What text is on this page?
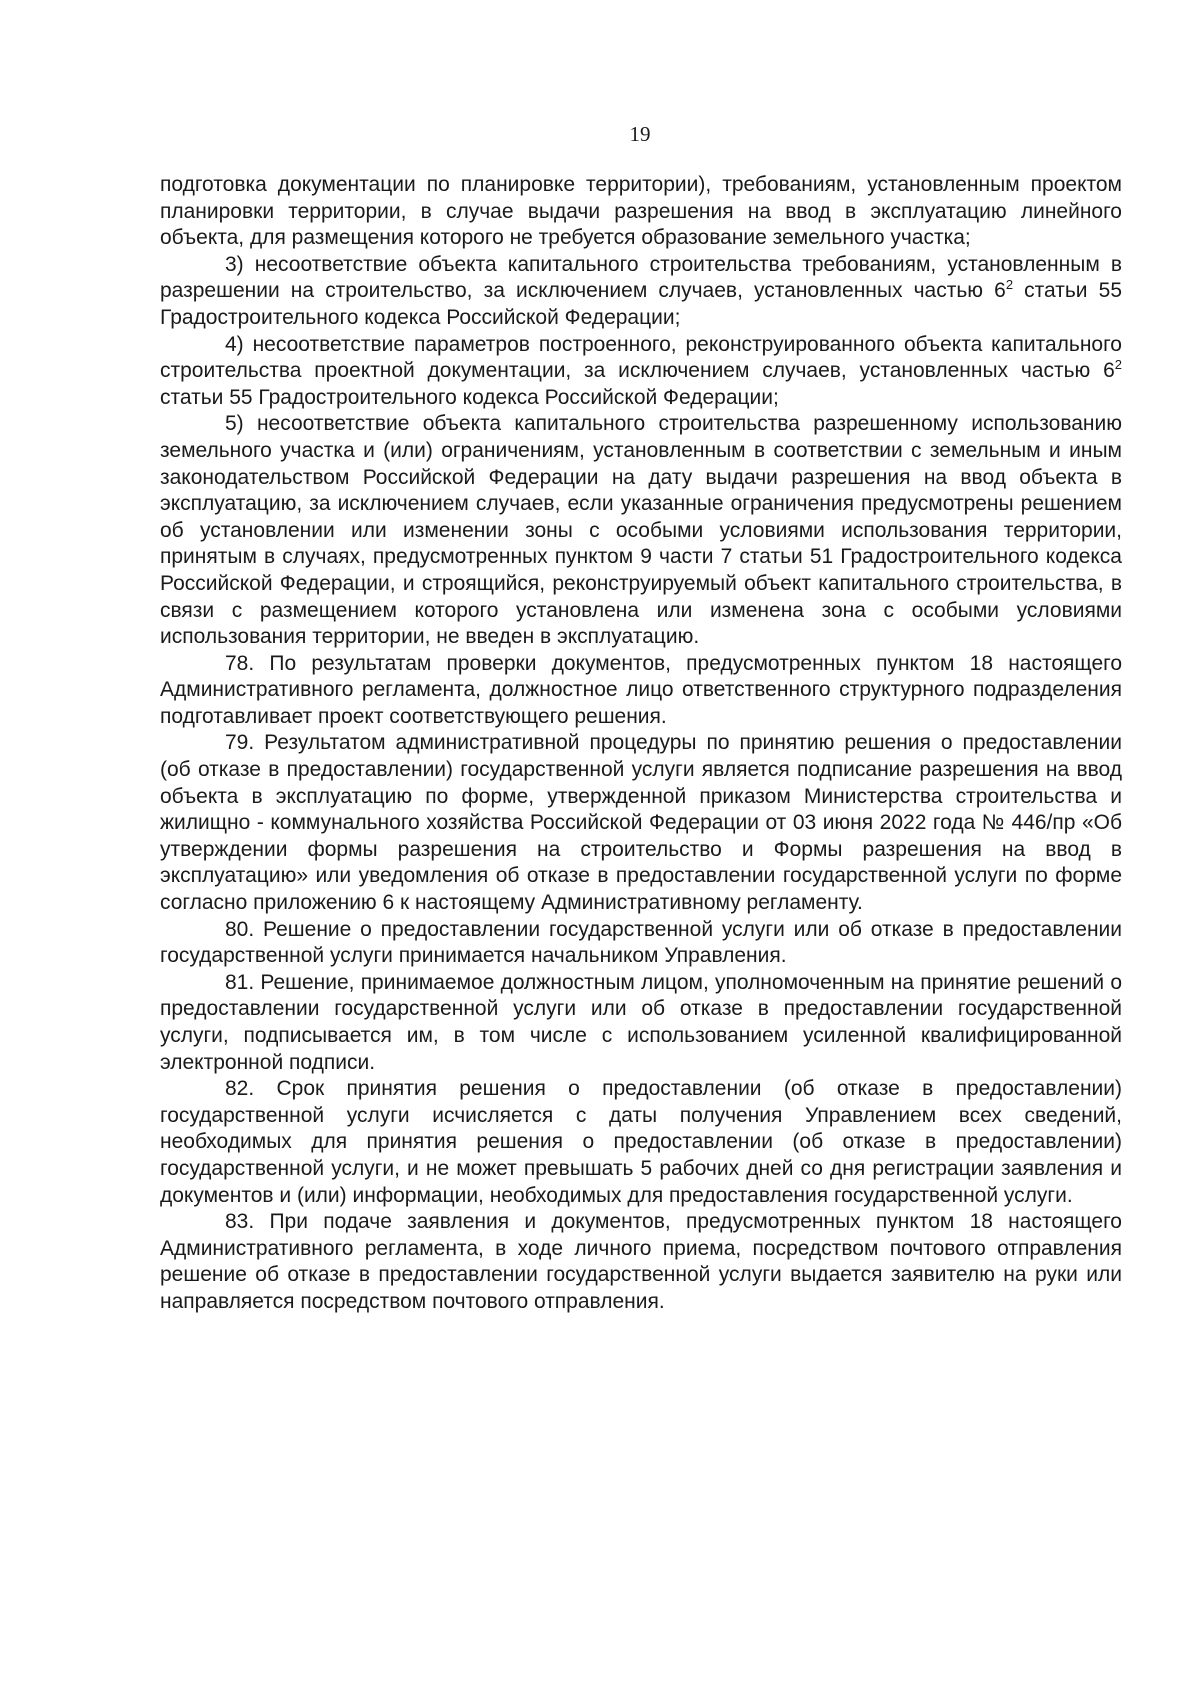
19

подготовка документации по планировке территории), требованиям, установленным проектом планировки территории, в случае выдачи разрешения на ввод в эксплуатацию линейного объекта, для размещения которого не требуется образование земельного участка;

3) несоответствие объекта капитального строительства требованиям, установленным в разрешении на строительство, за исключением случаев, установленных частью $6^2$ статьи 55 Градостроительного кодекса Российской Федерации;

4) несоответствие параметров построенного, реконструированного объекта капитального строительства проектной документации, за исключением случаев, установленных частью $6^2$ статьи 55 Градостроительного кодекса Российской Федерации;

5) несоответствие объекта капитального строительства разрешенному использованию земельного участка и (или) ограничениям, установленным в соответствии с земельным и иным законодательством Российской Федерации на дату выдачи разрешения на ввод объекта в эксплуатацию, за исключением случаев, если указанные ограничения предусмотрены решением об установлении или изменении зоны с особыми условиями использования территории, принятым в случаях, предусмотренных пунктом 9 части 7 статьи 51 Градостроительного кодекса Российской Федерации, и строящийся, реконструируемый объект капитального строительства, в связи с размещением которого установлена или изменена зона с особыми условиями использования территории, не введен в эксплуатацию.

78. По результатам проверки документов, предусмотренных пунктом 18 настоящего Административного регламента, должностное лицо ответственного структурного подразделения подготавливает проект соответствующего решения.

79. Результатом административной процедуры по принятию решения о предоставлении (об отказе в предоставлении) государственной услуги является подписание разрешения на ввод объекта в эксплуатацию по форме, утвержденной приказом Министерства строительства и жилищно - коммунального хозяйства Российской Федерации от 03 июня 2022 года № 446/пр «Об утверждении формы разрешения на строительство и Формы разрешения на ввод в эксплуатацию» или уведомления об отказе в предоставлении государственной услуги по форме согласно приложению 6 к настоящему Административному регламенту.

80. Решение о предоставлении государственной услуги или об отказе в предоставлении государственной услуги принимается начальником Управления.

81. Решение, принимаемое должностным лицом, уполномоченным на принятие решений о предоставлении государственной услуги или об отказе в предоставлении государственной услуги, подписывается им, в том числе с использованием усиленной квалифицированной электронной подписи.

82. Срок принятия решения о предоставлении (об отказе в предоставлении) государственной услуги исчисляется с даты получения Управлением всех сведений, необходимых для принятия решения о предоставлении (об отказе в предоставлении) государственной услуги, и не может превышать 5 рабочих дней со дня регистрации заявления и документов и (или) информации, необходимых для предоставления государственной услуги.

83. При подаче заявления и документов, предусмотренных пунктом 18 настоящего Административного регламента, в ходе личного приема, посредством почтового отправления решение об отказе в предоставлении государственной услуги выдается заявителю на руки или направляется посредством почтового отправления.
